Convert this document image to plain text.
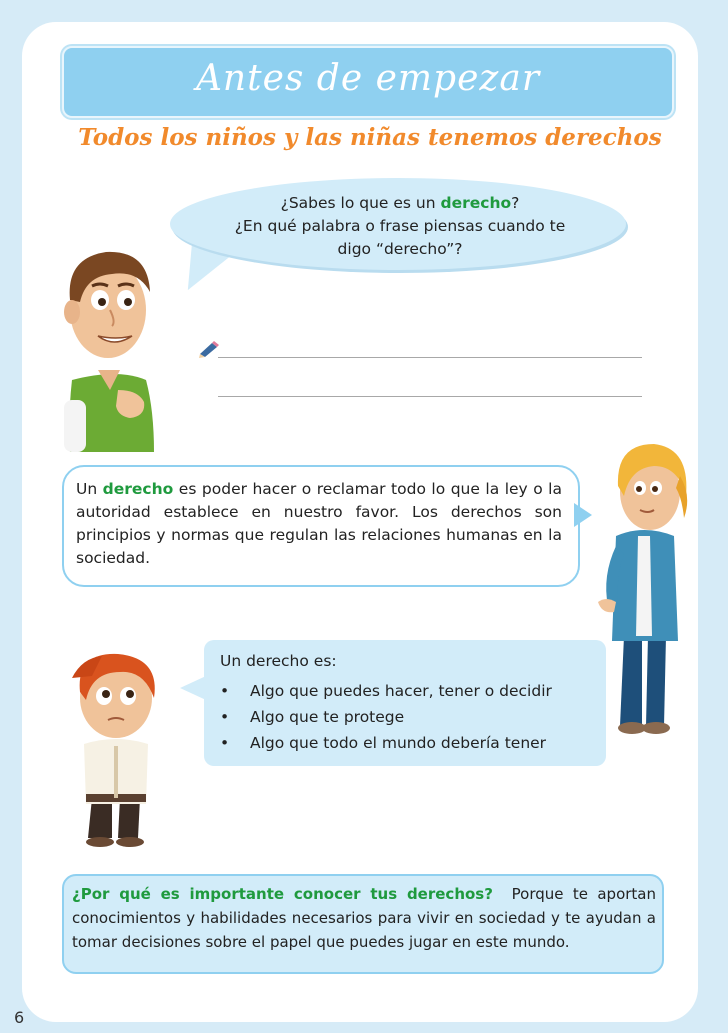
Antes de empezar
Todos los niños y las niñas tenemos derechos
¿Sabes lo que es un derecho?
¿En qué palabra o frase piensas cuando te
digo “derecho”?
Un derecho es poder hacer o reclamar todo lo que la ley o la autoridad establece en nuestro favor. Los derechos son principios y normas que regulan las relaciones humanas en la sociedad.
Un derecho es:
•	Algo que puedes hacer, tener o decidir
•	Algo que te protege
•	Algo que todo el mundo debería tener
¿Por qué es importante conocer tus derechos? Porque te aportan conocimientos y habilidades necesarios para vivir en sociedad y te ayudan a tomar decisiones sobre el papel que puedes jugar en este mundo.
6
